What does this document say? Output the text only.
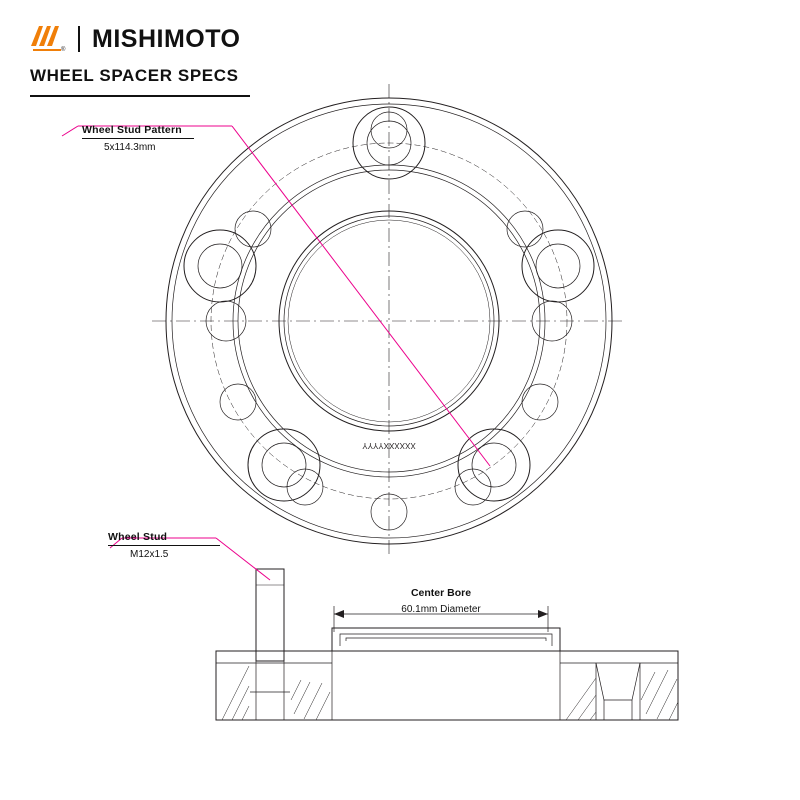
® MISHIMOTO
WHEEL SPACER SPECS
XXXXXXYYYY
Wheel Stud Pattern
5x114.3mm
Wheel Stud
M12x1.5
Center Bore
60.1mm Diameter
